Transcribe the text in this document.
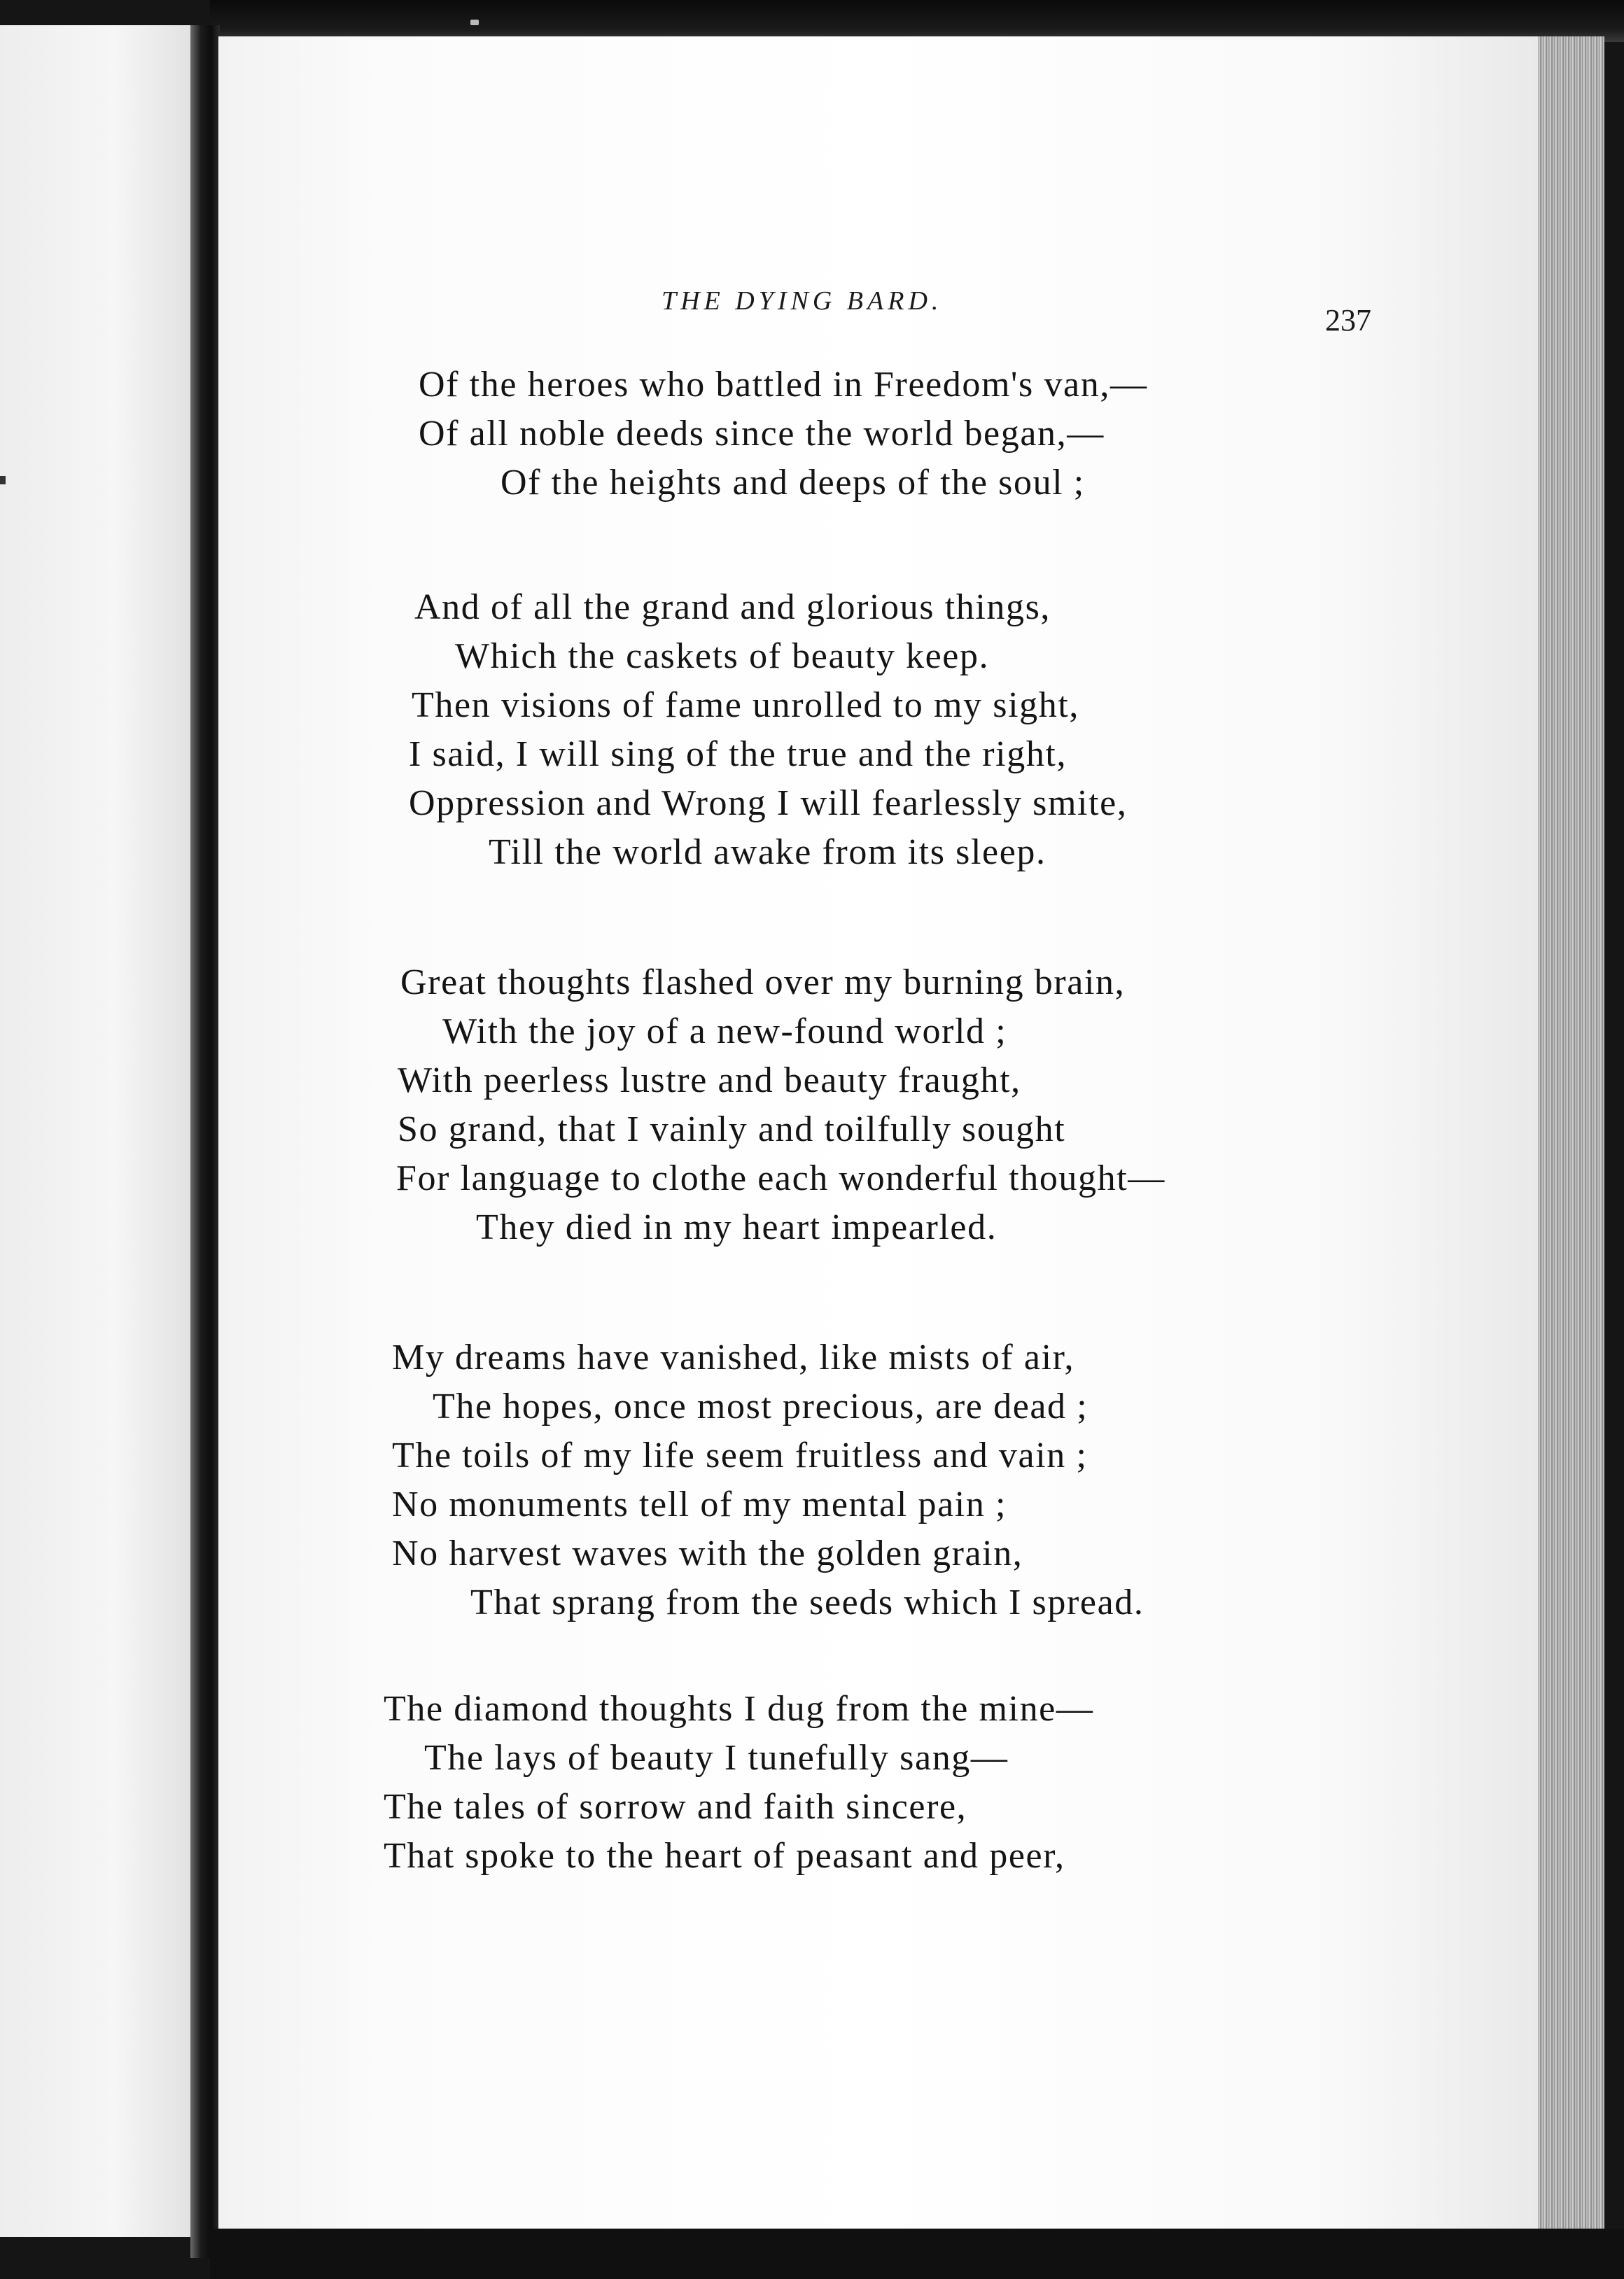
THE DYING BARD.
237
Of the heroes who battled in Freedom's van,—
Of all noble deeds since the world began,—
Of the heights and deeps of the soul ;
And of all the grand and glorious things,
Which the caskets of beauty keep.
Then visions of fame unrolled to my sight,
I said, I will sing of the true and the right,
Oppression and Wrong I will fearlessly smite,
Till the world awake from its sleep.
Great thoughts flashed over my burning brain,
With the joy of a new-found world ;
With peerless lustre and beauty fraught,
So grand, that I vainly and toilfully sought
For language to clothe each wonderful thought—
They died in my heart impearled.
My dreams have vanished, like mists of air,
The hopes, once most precious, are dead ;
The toils of my life seem fruitless and vain ;
No monuments tell of my mental pain ;
No harvest waves with the golden grain,
That sprang from the seeds which I spread.
The diamond thoughts I dug from the mine—
The lays of beauty I tunefully sang—
The tales of sorrow and faith sincere,
That spoke to the heart of peasant and peer,
